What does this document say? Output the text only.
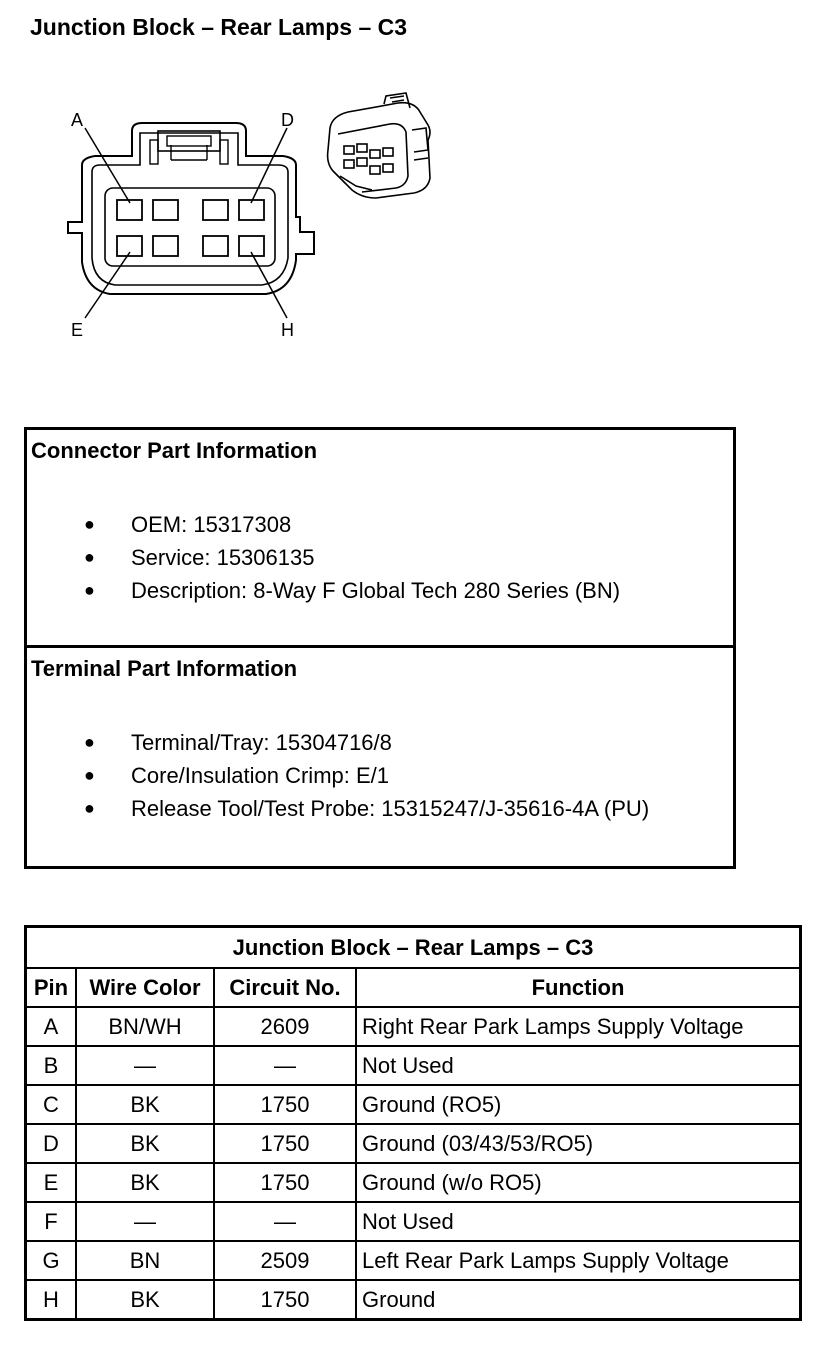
Junction Block – Rear Lamps – C3
A	D
E	H
Connector Part Information
● OEM: 15317308
● Service: 15306135
● Description: 8-Way F Global Tech 280 Series (BN)
Terminal Part Information
● Terminal/Tray: 15304716/8
● Core/Insulation Crimp: E/1
● Release Tool/Test Probe: 15315247/J-35616-4A (PU)
Junction Block – Rear Lamps – C3			
Pin	Wire Color	Circuit No.	Function
A	BN/WH	2609	Right Rear Park Lamps Supply Voltage
B	—	—	Not Used
C	BK	1750	Ground (RO5)
D	BK	1750	Ground (03/43/53/RO5)
E	BK	1750	Ground (w/o RO5)
F	—	—	Not Used
G	BN	2509	Left Rear Park Lamps Supply Voltage
H	BK	1750	Ground
